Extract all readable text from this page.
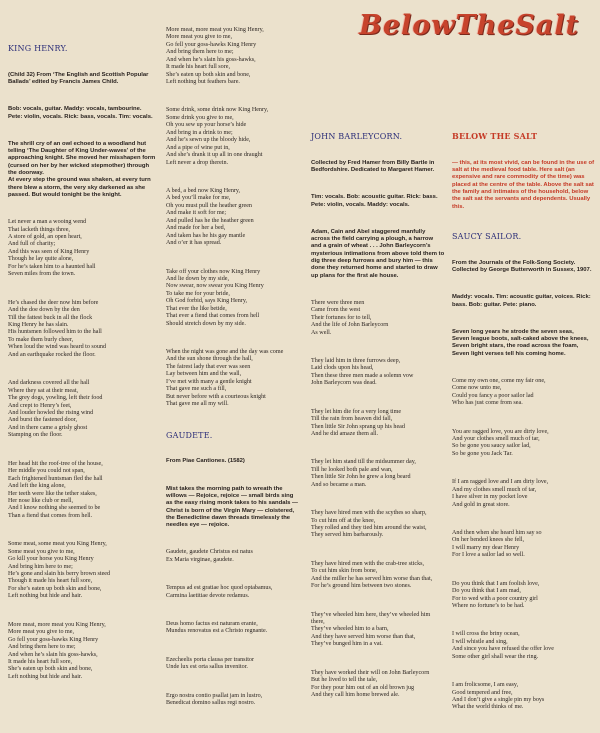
BelowTheSalt

KING HENRY.

(Child 32) From ‘The English and Scottish Popular Ballads’ edited by Francis James Child.

Bob: vocals, guitar. Maddy: vocals, tambourine. Pete: violin, vocals. Rick: bass, vocals. Tim: vocals.

The shrill cry of an owl echoed to a woodland hut telling ‘The Daughter of King Under-waves’ of the approaching knight. She moved her misshapen form (cursed on her by her wicked stepmother) through the doorway.
At every step the ground was shaken, at every turn there blew a storm, the very sky darkened as she passed. But would tonight be the knight.

Let never a man a wooing wend
That lacketh things three,
A store of gold, an open heart,
And full of charity;
And this was seen of King Henry
Though he lay quite alone,
For he’s taken him to a haunted hall
Seven miles from the town.

He’s chased the deer now him before
And the doe down by the den
Till the fattest buck in all the flock
King Henry he has slain.
His huntsmen followed him to the hall
To make them burly cheer,
When loud the wind was heard to sound
And an earthquake rocked the floor.

And darkness covered all the hall
Where they sat at their meat,
The grey dogs, yowling, left their food
And crept to Henry’s feet,
And louder howled the rising wind
And burst the fastened door,
And in there came a grisly ghost
Stamping on the floor.

Her head hit the roof-tree of the house,
Her middle you could not span,
Each frightened huntsman fled the hall
And left the king alone,
Her teeth were like the tether stakes,
Her nose like club or mell,
And I know nothing she seemed to be
Than a fiend that comes from hell.

Some meat, some meat you King Henry,
Some meat you give to me,
Go kill your horse you King Henry
And bring him here to me;
He’s gone and slain his berry brown steed
Though it made his heart full sore,
For she’s eaten up both skin and bone,
Left nothing but hide and hair.

More meat, more meat you King Henry,
More meat you give to me,
Go fell your goss-hawks King Henry
And bring them here to me;
And when he’s slain his goss-hawks,
It made his heart full sore,
She’s eaten up both skin and bone,
Left nothing but hide and hair.

More meat, more meat you King Henry,
More meat you give to me,
Go fell your goss-hawks King Henry
And bring them here to me;
And when he’s slain his goss-hawks,
It made his heart full sore,
She’s eaten up both skin and bone,
Left nothing but feathers bare.

Some drink, some drink now King Henry,
Some drink you give to me,
Oh you sew up your horse’s hide
And bring in a drink to me;
And he’s sewn up the bloody hide,
And a pipe of wine put in,
And she’s drank it up all in one draught
Left never a drop therein.

A bed, a bed now King Henry,
A bed you’ll make for me,
Oh you must pull the heather green
And make it soft for me;
And pulled has he the heather green
And made for her a bed,
And taken has he his gay mantle
And o’er it has spread.

Take off your clothes now King Henry
And lie down by my side,
Now swear, now swear you King Henry
To take me for your bride,
Oh God forbid, says King Henry,
That ever the like betide,
That ever a fiend that comes from hell
Should stretch down by my side.

When the night was gone and the day was come
And the sun shone through the hall,
The fairest lady that ever was seen
Lay between him and the wall,
I’ve met with many a gentle knight
That gave me such a fill,
But never before with a courteous knight
That gave me all my will.

GAUDETE.

From Piae Cantiones. (1582)

Mist takes the morning path to wreath the willows — Rejoice, rejoice — small birds sing as the easy rising monk takes to his sandals — Christ is born of the Virgin Mary — cloistered, the Benedictine dawn threads timelessly the needles eye — rejoice.

Gaudete, gaudete Christus est natus
Ex Maria virginae, gaudete.

Tempus ad est gratiae hoc quod optabamus,
Carmina laetitiae devote redamus.

Deus homo factus est naturam erante,
Mundus renovatus est a Christo regnante.

Ezecheelis porta clausa per transitor
Unde lux est orta sallus invenitor.

Ergo nostra contio psallat jam in lustro,
Benedicat domino sallus regi nostro.

JOHN BARLEYCORN.

Collected by Fred Hamer from Billy Bartle in Bedfordshire. Dedicated to Margaret Hamer.

Tim: vocals. Bob: acoustic guitar. Rick: bass. Pete: violin, vocals. Maddy: vocals.

Adam, Cain and Abel staggered manfully across the field carrying a plough, a harrow and a grain of wheat . . . John Barleycorn’s mysterious intimations from above told them to dig three deep furrows and bury him — this done they returned home and started to draw up plans for the first ale house.

There were three men
Came from the west
Their fortunes for to tell,
And the life of John Barleycorn
As well.

They laid him in three furrows deep,
Laid clods upon his head,
Then these three men made a solemn vow
John Barleycorn was dead.

They let him die for a very long time
Till the rain from heaven did fall,
Then little Sir John sprang up his head
And he did amaze them all.

They let him stand till the midsummer day,
Till he looked both pale and wan,
Then little Sir John he grew a long beard
And so became a man.

They have hired men with the scythes so sharp,
To cut him off at the knee,
They rolled and they tied him around the waist,
They served him barbarously.

They have hired men with the crab-tree sticks,
To cut him skin from bone,
And the miller he has served him worse than that,
For he’s ground him between two stones.

They’ve wheeled him here, they’ve wheeled him there,
They’ve wheeled him to a barn,
And they have served him worse than that,
They’ve bunged him in a vat.

They have worked their will on John Barleycorn
But he lived to tell the tale,
For they pour him out of an old brown jug
And they call him home brewed ale.

BELOW THE SALT

— this, at its most vivid, can be found in the use of salt at the medieval food table. Here salt (an expensive and rare commodity of the time) was placed at the centre of the table. Above the salt sat the family and intimates of the household, below the salt sat the servants and dependents. Usually this.

SAUCY SAILOR.

From the Journals of the Folk-Song Society. Collected by George Butterworth in Sussex, 1907.

Maddy: vocals. Tim: acoustic guitar, voices. Rick: bass. Bob: guitar. Pete: piano.

Seven long years he strode the seven seas,
Seven league boots, salt-caked above the knees,
Seven bright stars, the road across the foam,
Seven light verses tell his coming home.

Come my own one, come my fair one,
Come now unto me,
Could you fancy a poor sailor lad
Who has just come from sea.

You are ragged love, you are dirty love,
And your clothes smell much of tar,
So be gone you saucy sailor lad,
So be gone you Jack Tar.

If I am ragged love and I am dirty love,
And my clothes smell much of tar,
I have silver in my pocket love
And gold in great store.

And then when she heard him say so
On her bended knees she fell,
I will marry my dear Henry
For I love a sailor lad so well.

Do you think that I am foolish love,
Do you think that I am mad,
For to wed with a poor country girl
Where no fortune’s to be had.

I will cross the briny ocean,
I will whistle and sing,
And since you have refused the offer love
Some other girl shall wear the ring.

I am frolicsome, I am easy,
Good tempered and free,
And I don’t give a single pin my boys
What the world thinks of me.
